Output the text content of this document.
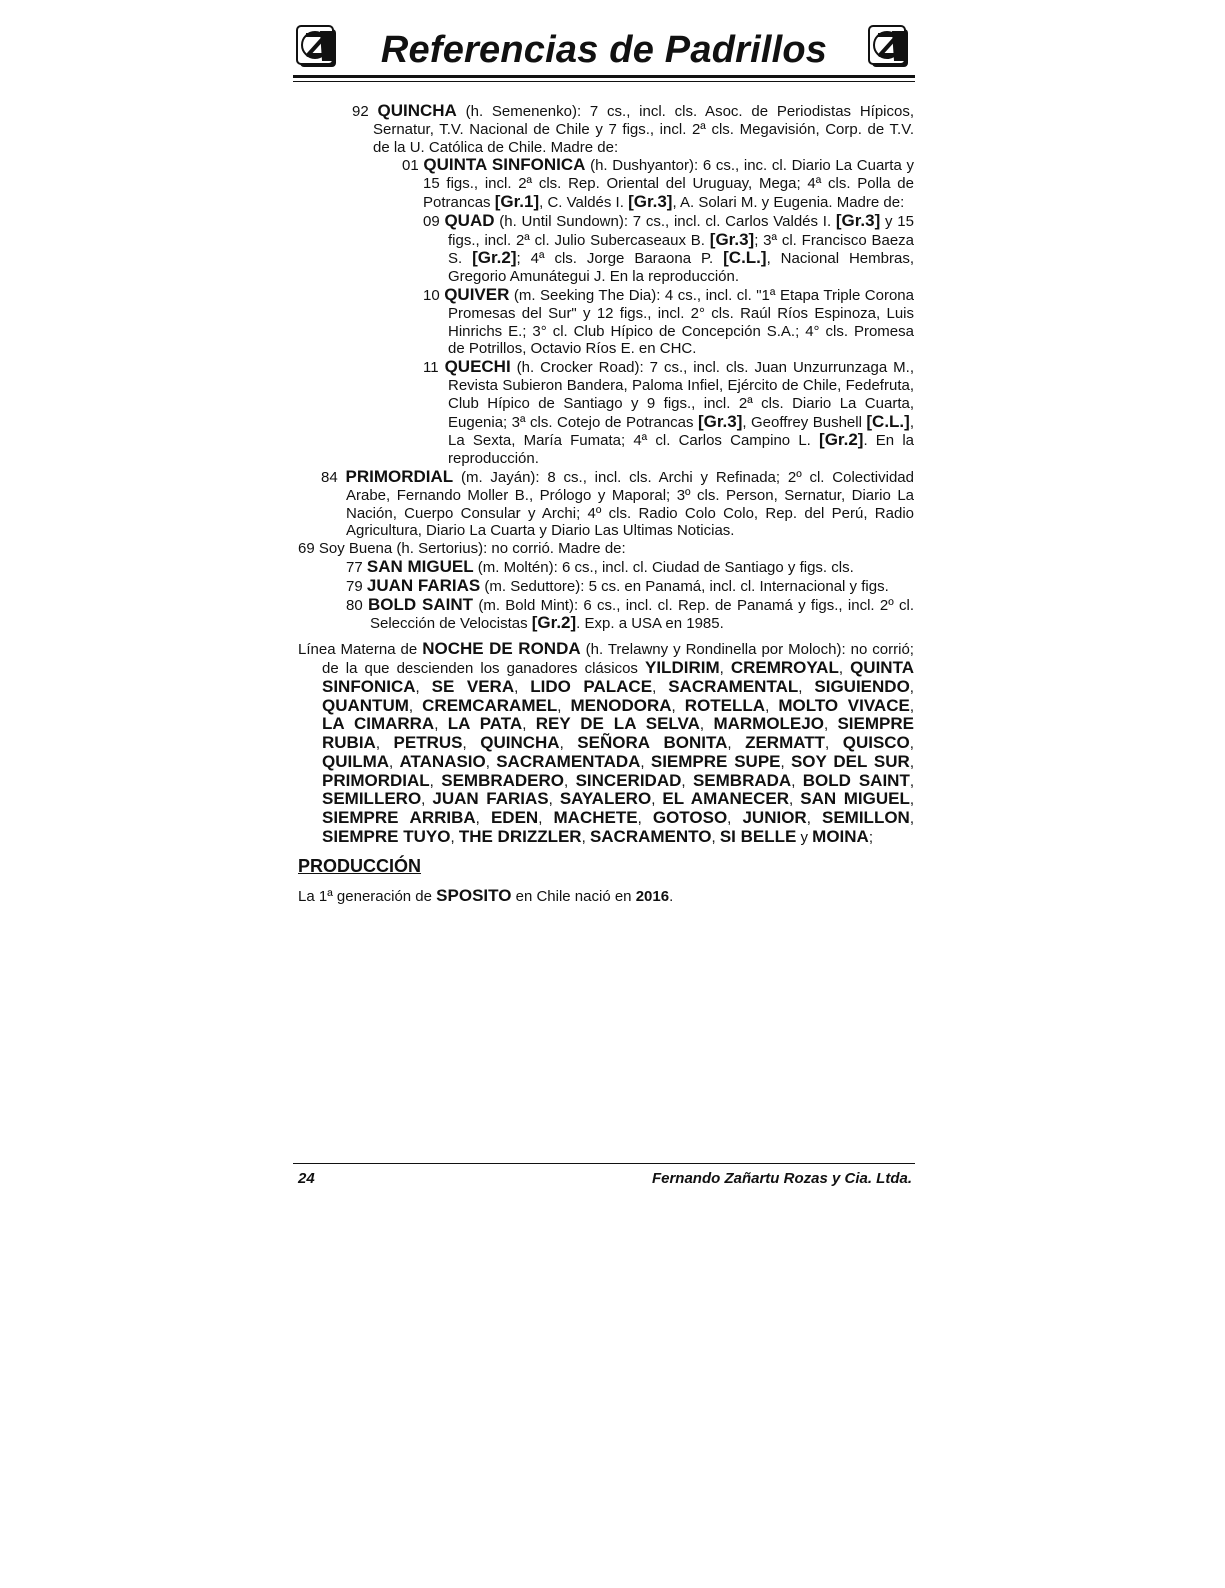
Referencias de Padrillos

92 QUINCHA (h. Semenenko): 7 cs., incl. cls. Asoc. de Periodistas Hípicos, Sernatur, T.V. Nacional de Chile y 7 figs., incl. 2ª cls. Megavisión, Corp. de T.V. de la U. Católica de Chile. Madre de:

01 QUINTA SINFONICA (h. Dushyantor): 6 cs., inc. cl. Diario La Cuarta y 15 figs., incl. 2ª cls. Rep. Oriental del Uruguay, Mega; 4ª cls. Polla de Potrancas [Gr.1], C. Valdés I. [Gr.3], A. Solari M. y Eugenia. Madre de:

09 QUAD (h. Until Sundown): 7 cs., incl. cl. Carlos Valdés I. [Gr.3] y 15 figs., incl. 2ª cl. Julio Subercaseaux B. [Gr.3]; 3ª cl. Francisco Baeza S. [Gr.2]; 4ª cls. Jorge Baraona P. [C.L.], Nacional Hembras, Gregorio Amunátegui J. En la reproducción.

10 QUIVER (m. Seeking The Dia): 4 cs., incl. cl. "1ª Etapa Triple Corona Promesas del Sur" y 12 figs., incl. 2° cls. Raúl Ríos Espinoza, Luis Hinrichs E.; 3° cl. Club Hípico de Concepción S.A.; 4° cls. Promesa de Potrillos, Octavio Ríos E. en CHC.

11 QUECHI (h. Crocker Road): 7 cs., incl. cls. Juan Unzurrunzaga M., Revista Subieron Bandera, Paloma Infiel, Ejército de Chile, Fedefruta, Club Hípico de Santiago y 9 figs., incl. 2ª cls. Diario La Cuarta, Eugenia; 3ª cls. Cotejo de Potrancas [Gr.3], Geoffrey Bushell [C.L.], La Sexta, María Fumata; 4ª cl. Carlos Campino L. [Gr.2]. En la reproducción.

84 PRIMORDIAL (m. Jayán): 8 cs., incl. cls. Archi y Refinada; 2º cl. Colectividad Arabe, Fernando Moller B., Prólogo y Maporal; 3º cls. Person, Sernatur, Diario La Nación, Cuerpo Consular y Archi; 4º cls. Radio Colo Colo, Rep. del Perú, Radio Agricultura, Diario La Cuarta y Diario Las Ultimas Noticias.

69 Soy Buena (h. Sertorius): no corrió. Madre de:

77 SAN MIGUEL (m. Moltén): 6 cs., incl. cl. Ciudad de Santiago y figs. cls.

79 JUAN FARIAS (m. Seduttore): 5 cs. en Panamá, incl. cl. Internacional y figs.

80 BOLD SAINT (m. Bold Mint): 6 cs., incl. cl. Rep. de Panamá y figs., incl. 2º cl. Selección de Velocistas [Gr.2]. Exp. a USA en 1985.

Línea Materna de NOCHE DE RONDA (h. Trelawny y Rondinella por Moloch): no corrió; de la que descienden los ganadores clásicos YILDIRIM, CREMROYAL, QUINTA SINFONICA, SE VERA, LIDO PALACE, SACRAMENTAL, SIGUIENDO, QUANTUM, CREMCARAMEL, MENODORA, ROTELLA, MOLTO VIVACE, LA CIMARRA, LA PATA, REY DE LA SELVA, MARMOLEJO, SIEMPRE RUBIA, PETRUS, QUINCHA, SEÑORA BONITA, ZERMATT, QUISCO, QUILMA, ATANASIO, SACRAMENTADA, SIEMPRE SUPE, SOY DEL SUR, PRIMORDIAL, SEMBRADERO, SINCERIDAD, SEMBRADA, BOLD SAINT, SEMILLERO, JUAN FARIAS, SAYALERO, EL AMANECER, SAN MIGUEL, SIEMPRE ARRIBA, EDEN, MACHETE, GOTOSO, JUNIOR, SEMILLON, SIEMPRE TUYO, THE DRIZZLER, SACRAMENTO, SI BELLE y MOINA;

PRODUCCIÓN

La 1ª generación de SPOSITO en Chile nació en 2016.

24	Fernando Zañartu Rozas y Cia. Ltda.
